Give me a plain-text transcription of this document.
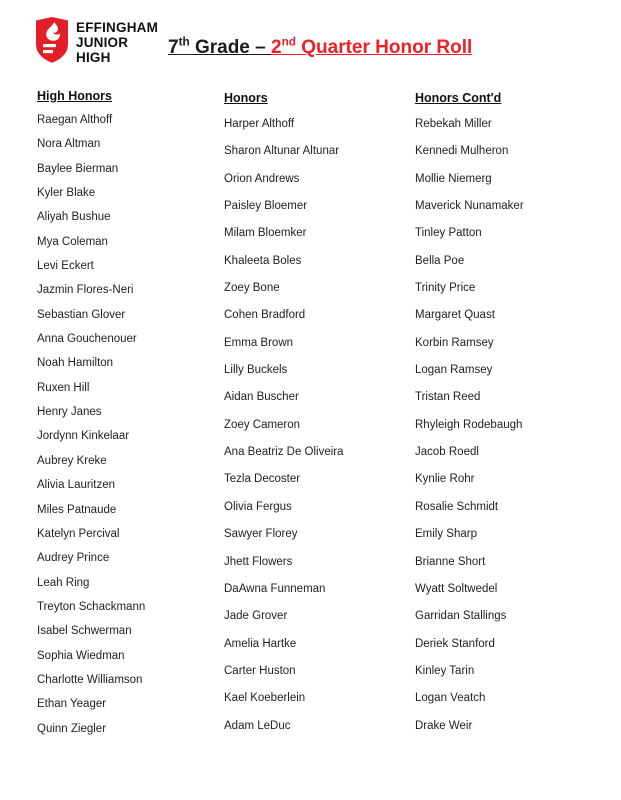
EFFINGHAM
JUNIOR
HIGH	7th Grade – 2nd Quarter Honor Roll
High Honors
Raegan Althoff
Nora Altman
Baylee Bierman
Kyler Blake
Aliyah Bushue
Mya Coleman
Levi Eckert
Jazmin Flores-Neri
Sebastian Glover
Anna Gouchenouer
Noah Hamilton
Ruxen Hill
Henry Janes
Jordynn Kinkelaar
Aubrey Kreke
Alivia Lauritzen
Miles Patnaude
Katelyn Percival
Audrey Prince
Leah Ring
Treyton Schackmann
Isabel Schwerman
Sophia Wiedman
Charlotte Williamson
Ethan Yeager
Quinn Ziegler
Honors
Harper Althoff
Sharon Altunar Altunar
Orion Andrews
Paisley Bloemer
Milam Bloemker
Khaleeta Boles
Zoey Bone
Cohen Bradford
Emma Brown
Lilly Buckels
Aidan Buscher
Zoey Cameron
Ana Beatriz De Oliveira
Tezla Decoster
Olivia Fergus
Sawyer Florey
Jhett Flowers
DaAwna Funneman
Jade Grover
Amelia Hartke
Carter Huston
Kael Koeberlein
Adam LeDuc
Honors Cont'd
Rebekah Miller
Kennedi Mulheron
Mollie Niemerg
Maverick Nunamaker
Tinley Patton
Bella Poe
Trinity Price
Margaret Quast
Korbin Ramsey
Logan Ramsey
Tristan Reed
Rhyleigh Rodebaugh
Jacob Roedl
Kynlie Rohr
Rosalie Schmidt
Emily Sharp
Brianne Short
Wyatt Soltwedel
Garridan Stallings
Deriek Stanford
Kinley Tarin
Logan Veatch
Drake Weir
